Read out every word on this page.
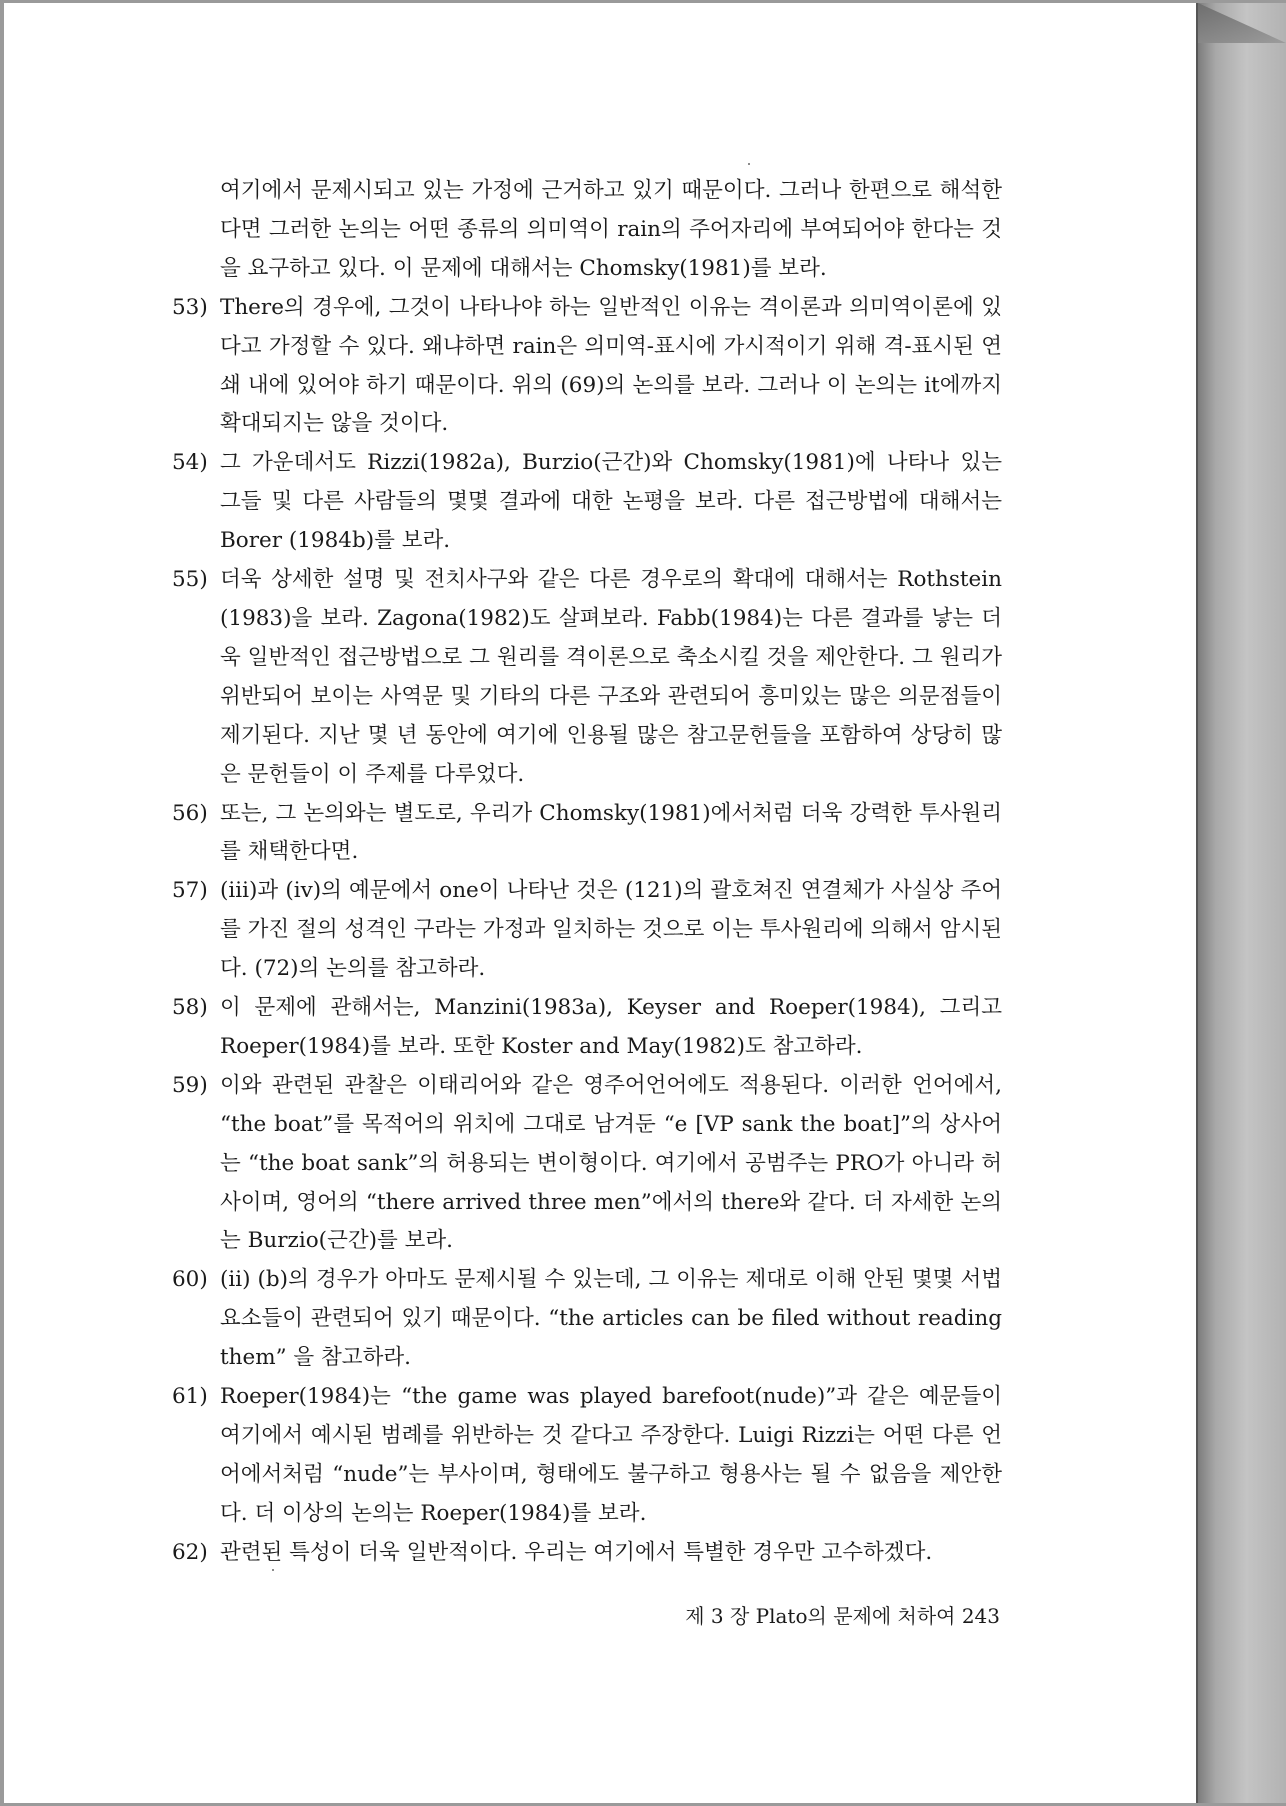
여기에서 문제시되고 있는 가정에 근거하고 있기 때문이다. 그러나 한편으로 해석한다면 그러한 논의는 어떤 종류의 의미역이 rain의 주어자리에 부여되어야 한다는 것을 요구하고 있다. 이 문제에 대해서는 Chomsky(1981)를 보라.
53) There의 경우에, 그것이 나타나야 하는 일반적인 이유는 격이론과 의미역이론에 있다고 가정할 수 있다. 왜냐하면 rain은 의미역-표시에 가시적이기 위해 격-표시된 연쇄 내에 있어야 하기 때문이다. 위의 (69)의 논의를 보라. 그러나 이 논의는 it에까지 확대되지는 않을 것이다.
54) 그 가운데서도 Rizzi(1982a), Burzio(근간)와 Chomsky(1981)에 나타나 있는 그들 및 다른 사람들의 몇몇 결과에 대한 논평을 보라. 다른 접근방법에 대해서는 Borer (1984b)를 보라.
55) 더욱 상세한 설명 및 전치사구와 같은 다른 경우로의 확대에 대해서는 Rothstein (1983)을 보라. Zagona(1982)도 살펴보라. Fabb(1984)는 다른 결과를 낳는 더욱 일반적인 접근방법으로 그 원리를 격이론으로 축소시킬 것을 제안한다. 그 원리가 위반되어 보이는 사역문 및 기타의 다른 구조와 관련되어 흥미있는 많은 의문점들이 제기된다. 지난 몇 년 동안에 여기에 인용될 많은 참고문헌들을 포함하여 상당히 많은 문헌들이 이 주제를 다루었다.
56) 또는, 그 논의와는 별도로, 우리가 Chomsky(1981)에서처럼 더욱 강력한 투사원리를 채택한다면.
57) (iii)과 (iv)의 예문에서 one이 나타난 것은 (121)의 괄호쳐진 연결체가 사실상 주어를 가진 절의 성격인 구라는 가정과 일치하는 것으로 이는 투사원리에 의해서 암시된다. (72)의 논의를 참고하라.
58) 이 문제에 관해서는, Manzini(1983a), Keyser and Roeper(1984), 그리고 Roeper(1984)를 보라. 또한 Koster and May(1982)도 참고하라.
59) 이와 관련된 관찰은 이태리어와 같은 영주어언어에도 적용된다. 이러한 언어에서, “the boat”를 목적어의 위치에 그대로 남겨둔 “e [VP sank the boat]”의 상사어는 “the boat sank”의 허용되는 변이형이다. 여기에서 공범주는 PRO가 아니라 허사이며, 영어의 “there arrived three men”에서의 there와 같다. 더 자세한 논의는 Burzio(근간)를 보라.
60) (ii) (b)의 경우가 아마도 문제시될 수 있는데, 그 이유는 제대로 이해 안된 몇몇 서법요소들이 관련되어 있기 때문이다. “the articles can be filed without reading them” 을 참고하라.
61) Roeper(1984)는 “the game was played barefoot(nude)”과 같은 예문들이 여기에서 예시된 범례를 위반하는 것 같다고 주장한다. Luigi Rizzi는 어떤 다른 언어에서처럼 “nude”는 부사이며, 형태에도 불구하고 형용사는 될 수 없음을 제안한다. 더 이상의 논의는 Roeper(1984)를 보라.
62) 관련된 특성이 더욱 일반적이다. 우리는 여기에서 특별한 경우만 고수하겠다.
제 3 장 Plato의 문제에 처하여 243
